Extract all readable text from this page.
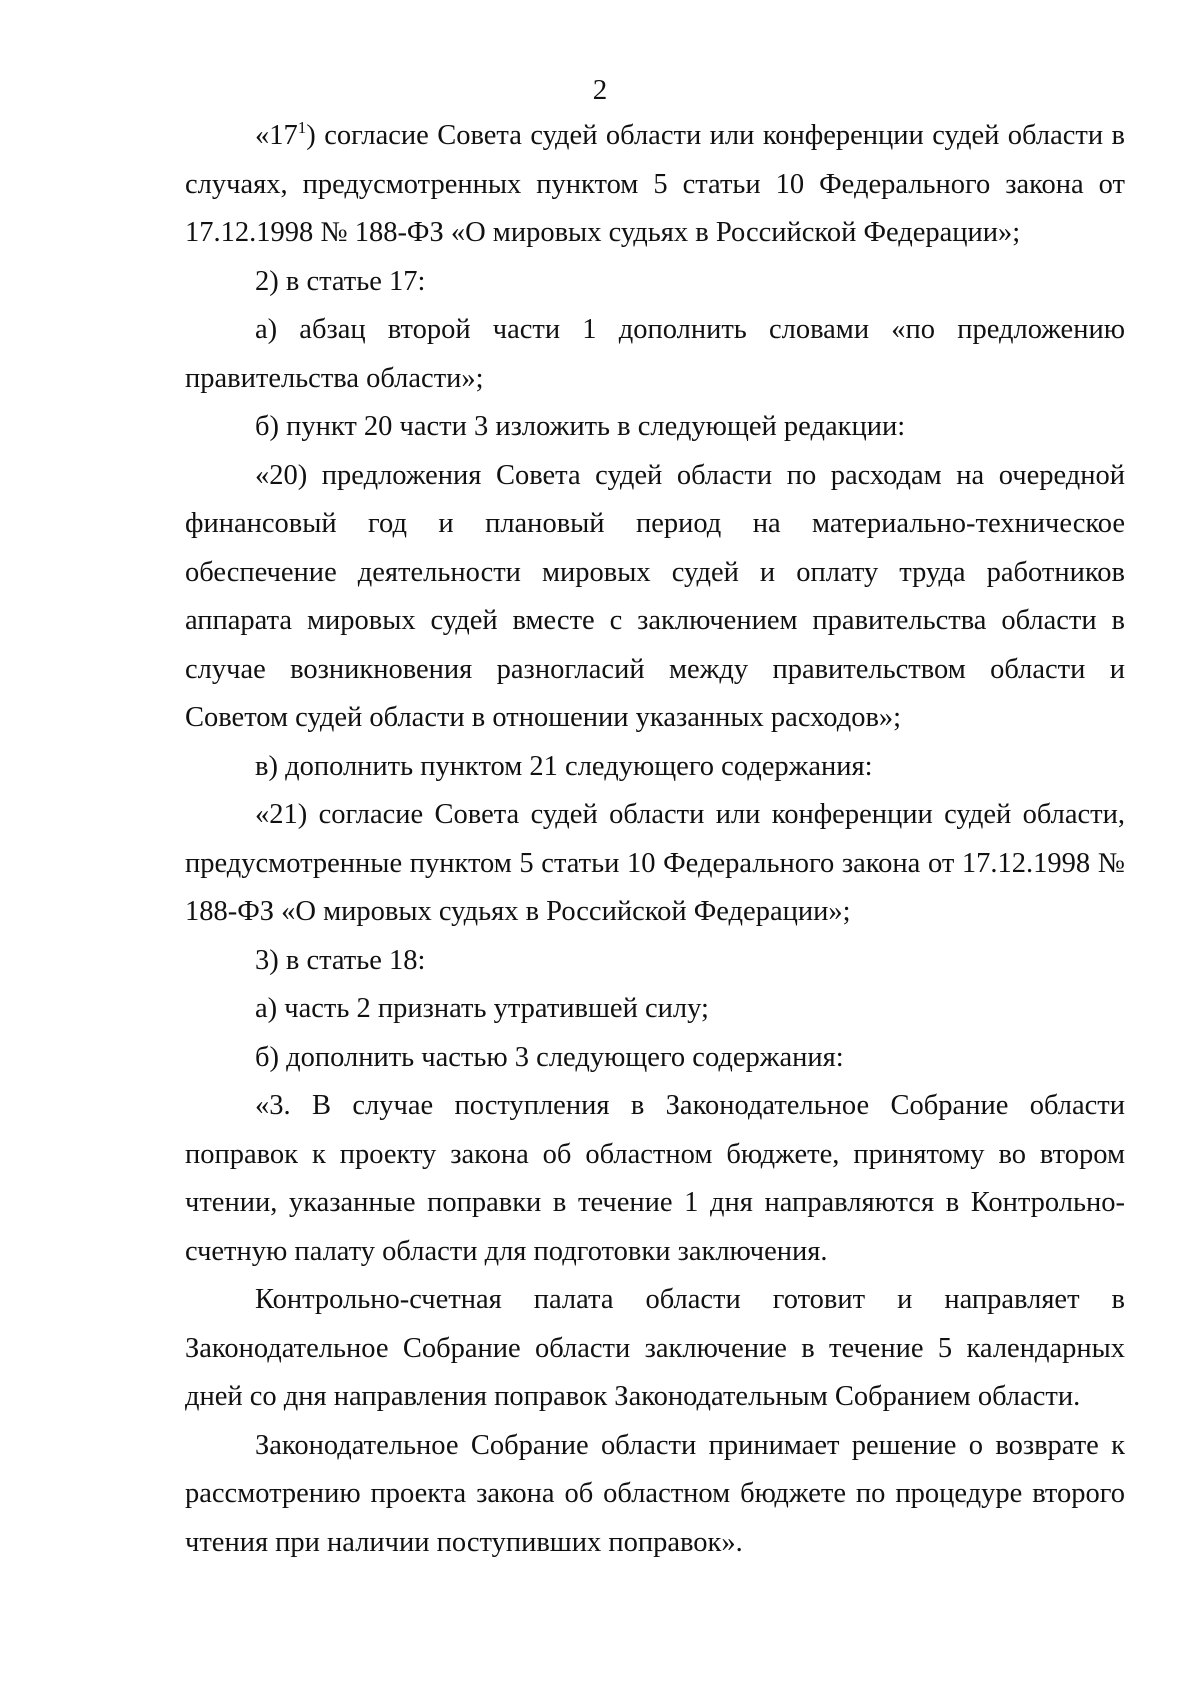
2

«$17^1$) согласие Совета судей области или конференции судей области в случаях, предусмотренных пунктом 5 статьи 10 Федерального закона от 17.12.1998 № 188-ФЗ «О мировых судьях в Российской Федерации»;

2) в статье 17:

а) абзац второй части 1 дополнить словами «по предложению правительства области»;

б) пункт 20 части 3 изложить в следующей редакции:

«20) предложения Совета судей области по расходам на очередной финансовый год и плановый период на материально-техническое обеспечение деятельности мировых судей и оплату труда работников аппарата мировых судей вместе с заключением правительства области в случае возникновения разногласий между правительством области и Советом судей области в отношении указанных расходов»;

в) дополнить пунктом 21 следующего содержания:

«21) согласие Совета судей области или конференции судей области, предусмотренные пунктом 5 статьи 10 Федерального закона от 17.12.1998 № 188-ФЗ «О мировых судьях в Российской Федерации»;

3) в статье 18:

а) часть 2 признать утратившей силу;

б) дополнить частью 3 следующего содержания:

«3. В случае поступления в Законодательное Собрание области поправок к проекту закона об областном бюджете, принятому во втором чтении, указанные поправки в течение 1 дня направляются в Контрольно-счетную палату области для подготовки заключения.

Контрольно-счетная палата области готовит и направляет в Законодательное Собрание области заключение в течение 5 календарных дней со дня направления поправок Законодательным Собранием области.

Законодательное Собрание области принимает решение о возврате к рассмотрению проекта закона об областном бюджете по процедуре второго чтения при наличии поступивших поправок».
